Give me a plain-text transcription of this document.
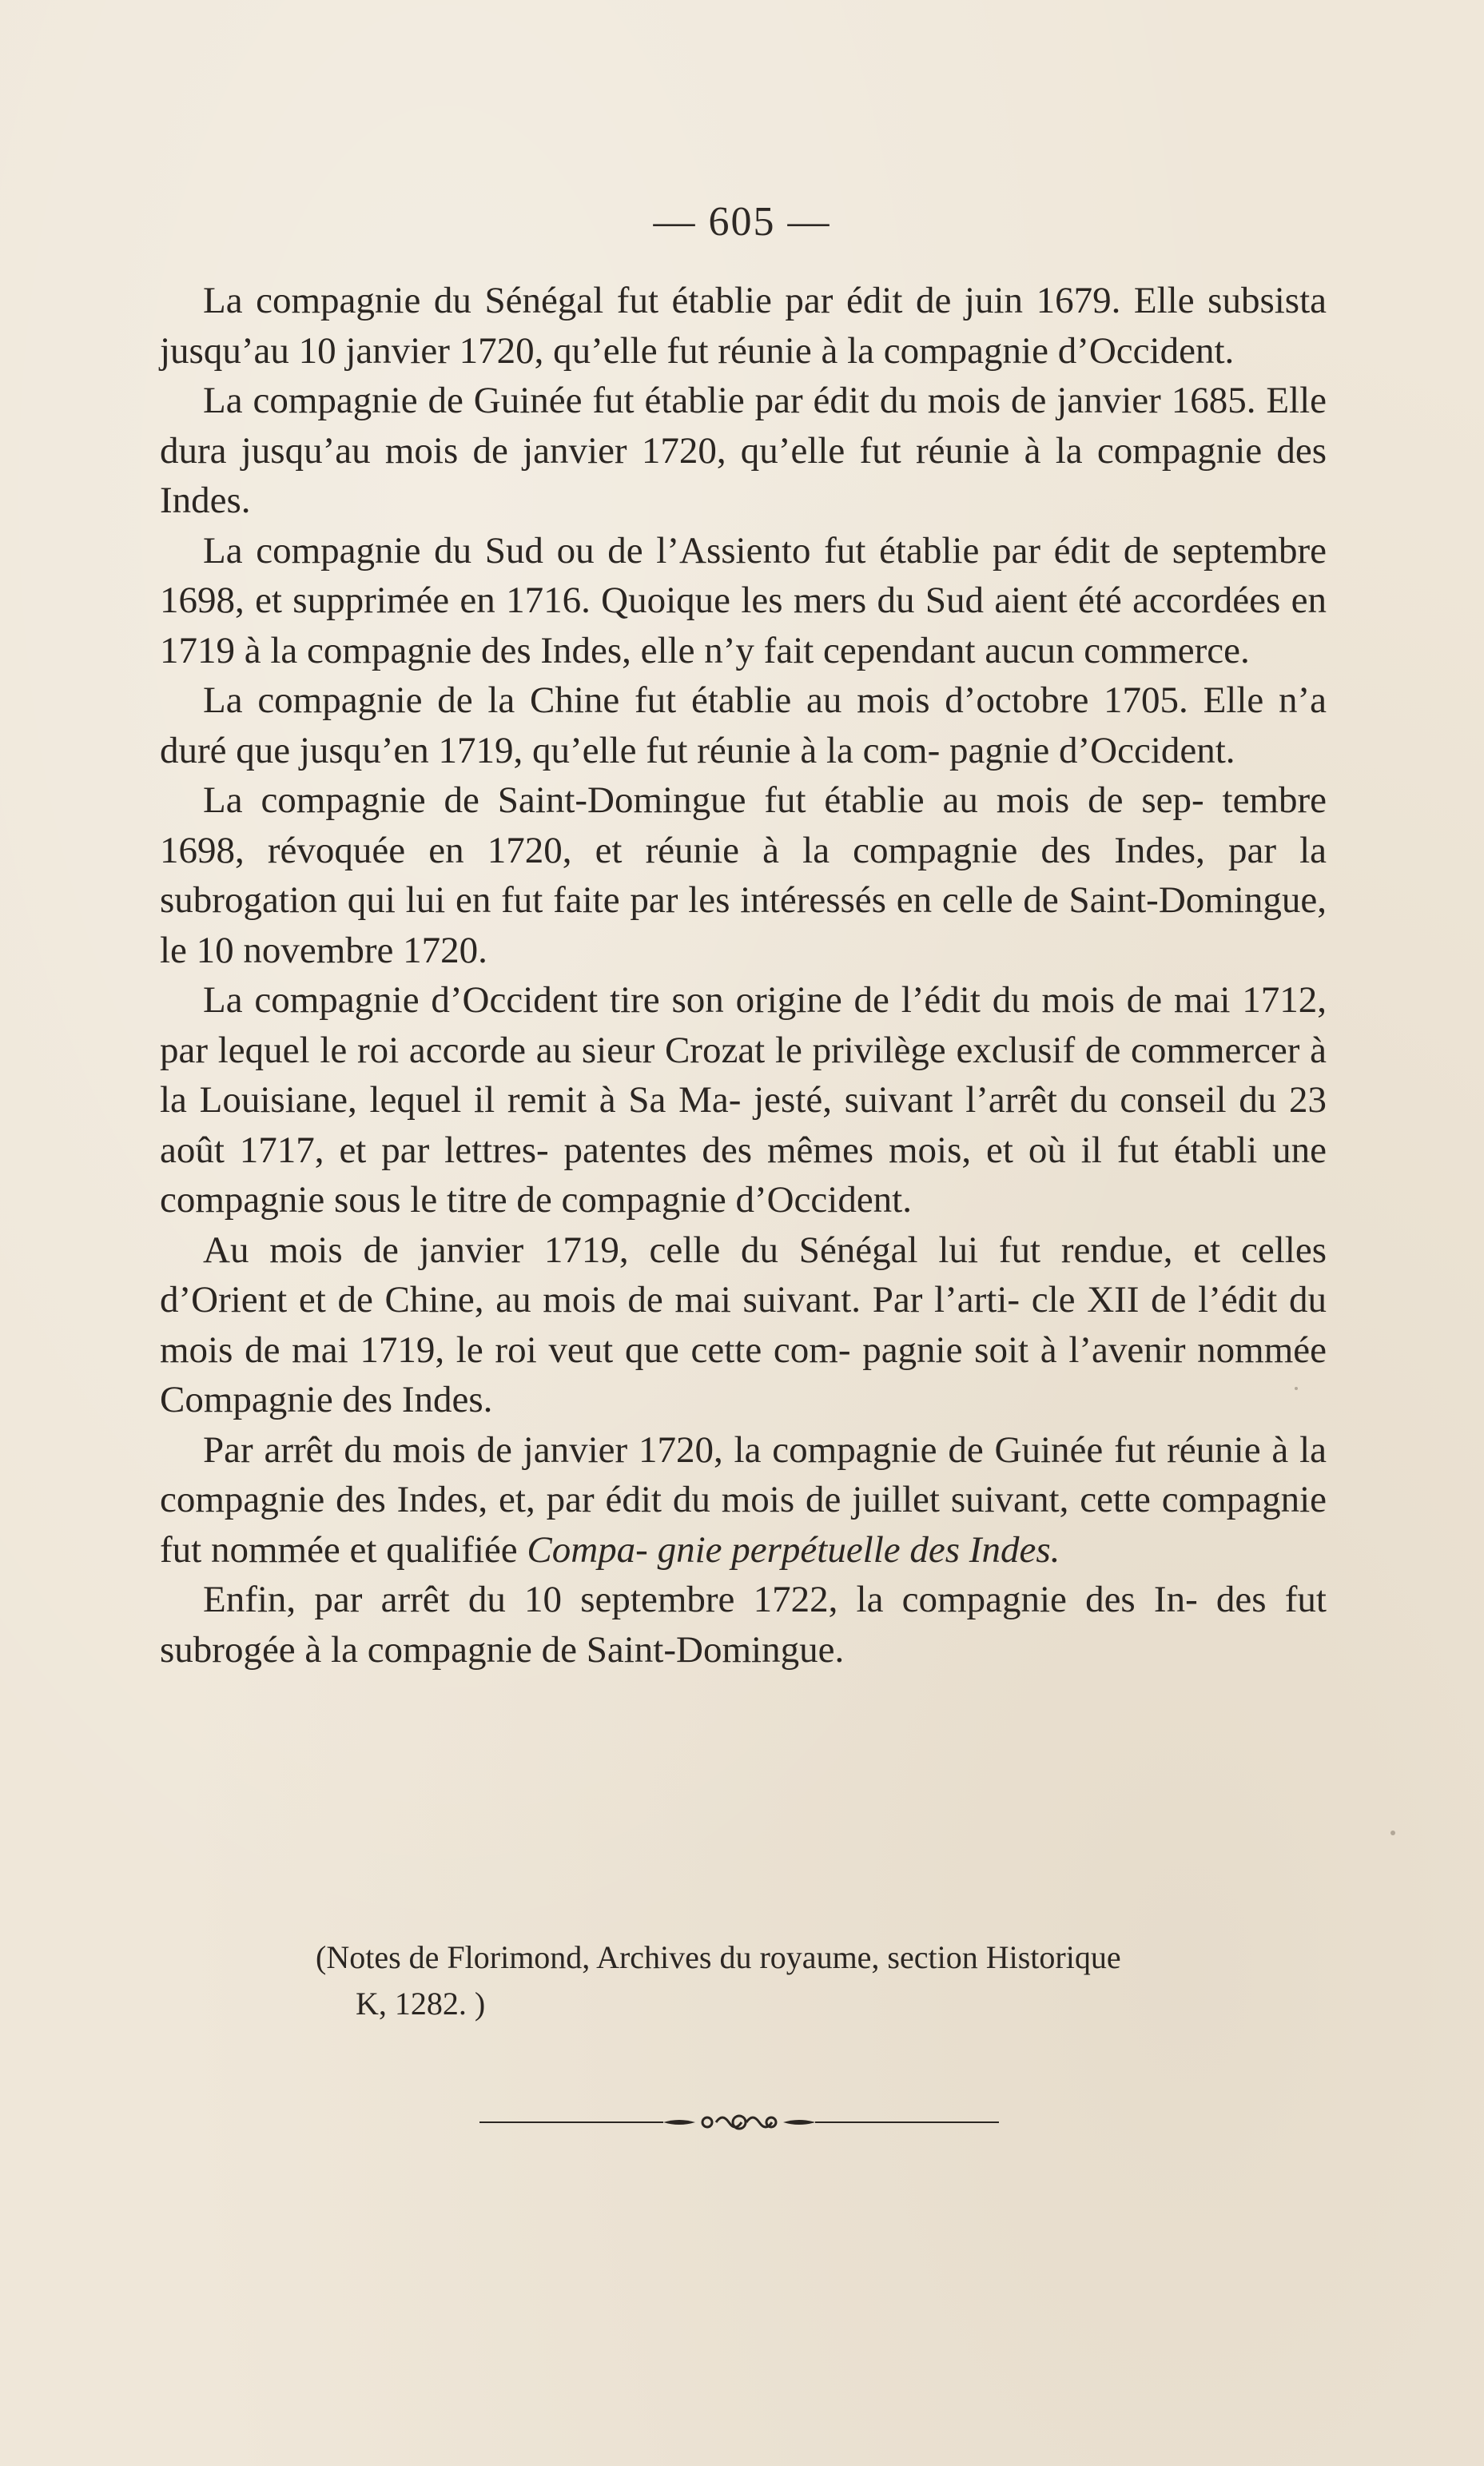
— 605 —

La compagnie du Sénégal fut établie par édit de juin 1679. Elle subsista jusqu’au 10 janvier 1720, qu’elle fut réunie à la compagnie d’Occident.

La compagnie de Guinée fut établie par édit du mois de janvier 1685. Elle dura jusqu’au mois de janvier 1720, qu’elle fut réunie à la compagnie des Indes.

La compagnie du Sud ou de l’Assiento fut établie par édit de septembre 1698, et supprimée en 1716. Quoique les mers du Sud aient été accordées en 1719 à la compagnie des Indes, elle n’y fait cependant aucun commerce.

La compagnie de la Chine fut établie au mois d’octobre 1705. Elle n’a duré que jusqu’en 1719, qu’elle fut réunie à la com- pagnie d’Occident.

La compagnie de Saint-Domingue fut établie au mois de sep- tembre 1698, révoquée en 1720, et réunie à la compagnie des Indes, par la subrogation qui lui en fut faite par les intéressés en celle de Saint-Domingue, le 10 novembre 1720.

La compagnie d’Occident tire son origine de l’édit du mois de mai 1712, par lequel le roi accorde au sieur Crozat le privilège exclusif de commercer à la Louisiane, lequel il remit à Sa Ma- jesté, suivant l’arrêt du conseil du 23 août 1717, et par lettres- patentes des mêmes mois, et où il fut établi une compagnie sous le titre de compagnie d’Occident.

Au mois de janvier 1719, celle du Sénégal lui fut rendue, et celles d’Orient et de Chine, au mois de mai suivant. Par l’arti- cle XII de l’édit du mois de mai 1719, le roi veut que cette com- pagnie soit à l’avenir nommée Compagnie des Indes.

Par arrêt du mois de janvier 1720, la compagnie de Guinée fut réunie à la compagnie des Indes, et, par édit du mois de juillet suivant, cette compagnie fut nommée et qualifiée Compa- gnie perpétuelle des Indes.

Enfin, par arrêt du 10 septembre 1722, la compagnie des In- des fut subrogée à la compagnie de Saint-Domingue.

(Notes de Florimond, Archives du royaume, section Historique
K, 1282. )
